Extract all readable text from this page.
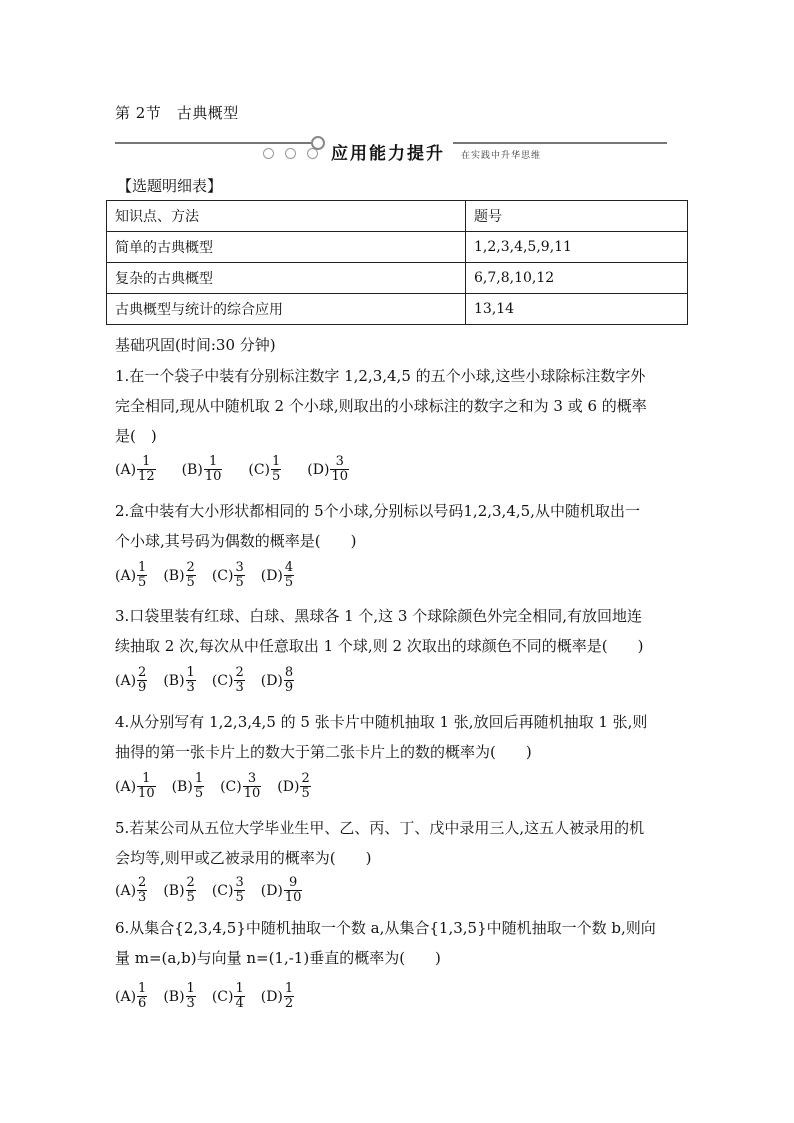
第 2节　古典概型
应用能力提升 在实践中升华思维
【选题明细表】
知识点、方法	题号
简单的古典概型	1,2,3,4,5,9,11
复杂的古典概型	6,7,8,10,12
古典概型与统计的综合应用	13,14
基础巩固(时间:30 分钟)

1.在一个袋子中装有分别标注数字 1,2,3,4,5 的五个小球,这些小球除标注数字外

完全相同,现从中随机取 2 个小球,则取出的小球标注的数字之和为 3 或 6 的概率

是(　)

$(A) \frac{1}{12} (B) \frac{1}{10} (C) \frac{1}{5} (D) \frac{3}{10}$

2.盒中装有大小形状都相同的 5个小球,分别标以号码1,2,3,4,5,从中随机取出一

个小球,其号码为偶数的概率是(　　)

$(A) \frac{1}{5} (B) \frac{2}{5} (C) \frac{3}{5} (D) \frac{4}{5}$

3.口袋里装有红球、白球、黑球各 1 个,这 3 个球除颜色外完全相同,有放回地连

续抽取 2 次,每次从中任意取出 1 个球,则 2 次取出的球颜色不同的概率是(　　)

$(A) \frac{2}{9} (B) \frac{1}{3} (C) \frac{2}{3} (D) \frac{8}{9}$

4.从分别写有 1,2,3,4,5 的 5 张卡片中随机抽取 1 张,放回后再随机抽取 1 张,则

抽得的第一张卡片上的数大于第二张卡片上的数的概率为(　　)

$(A) \frac{1}{10} (B) \frac{1}{5} (C) \frac{3}{10} (D) \frac{2}{5}$

5.若某公司从五位大学毕业生甲、乙、丙、丁、戊中录用三人,这五人被录用的机

会均等,则甲或乙被录用的概率为(　　)

$(A) \frac{2}{3} (B) \frac{2}{5} (C) \frac{3}{5} (D) \frac{9}{10}$

6.从集合{2,3,4,5}中随机抽取一个数 a,从集合{1,3,5}中随机抽取一个数 b,则向

量 m=(a,b)与向量 n=(1,-1)垂直的概率为(　　)

$(A) \frac{1}{6} (B) \frac{1}{3} (C) \frac{1}{4} (D) \frac{1}{2}$
